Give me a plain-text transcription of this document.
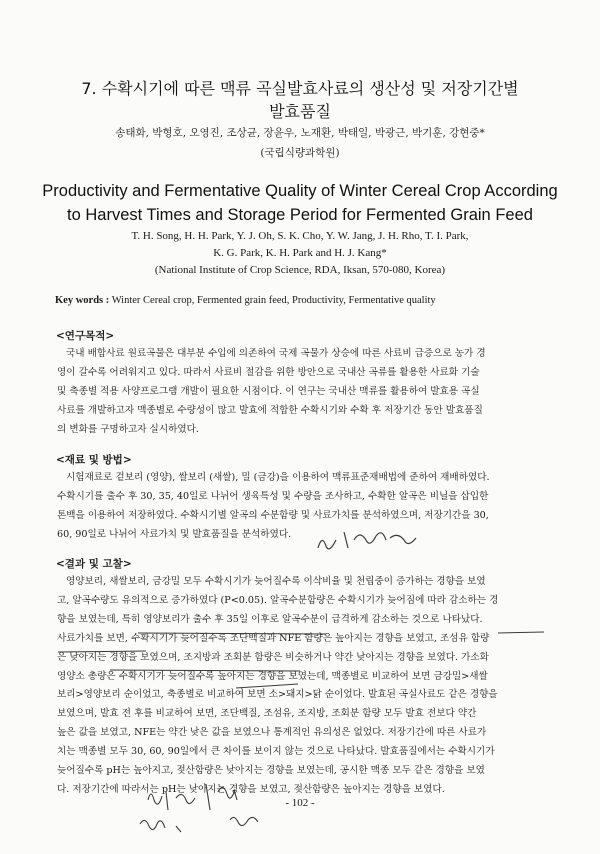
7. 수확시기에 따른 맥류 곡실발효사료의 생산성 및 저장기간별
발효품질
송태화, 박형호, 오영진, 조상균, 장윤우, 노재환, 박태일, 박광근, 박기훈, 강현중*
(국립식량과학원)
Productivity and Fermentative Quality of Winter Cereal Crop According
to Harvest Times and Storage Period for Fermented Grain Feed
T. H. Song, H. H. Park, Y. J. Oh, S. K. Cho, Y. W. Jang, J. H. Rho, T. I. Park,
K. G. Park, K. H. Park and H. J. Kang*
(National Institute of Crop Science, RDA, Iksan, 570-080, Korea)
Key words : Winter Cereal crop, Fermented grain feed, Productivity, Fermentative quality
<연구목적>
국내 배합사료 원료곡물은 대부분 수입에 의존하여 국제 곡물가 상승에 따른 사료비 급증으로 농가 경
영이 갈수록 어려워지고 있다. 따라서 사료비 절감을 위한 방안으로 국내산 곡류를 활용한 사료화 기술
및 축종별 적용 사양프로그램 개발이 필요한 시점이다. 이 연구는 국내산 맥류를 활용하여 발효용 곡실
사료를 개발하고자 맥종별로 수량성이 많고 발효에 적합한 수확시기와 수확 후 저장기간 동안 발효품질
의 변화를 구명하고자 실시하였다.
<재료 및 방법>
시험재료로 겉보리 (영양), 쌀보리 (새쌀), 밀 (금강)을 이용하여 맥류표준재배법에 준하여 재배하였다.
수확시기를 출수 후 30, 35, 40일로 나뉘어 생육특성 및 수량을 조사하고, 수확한 알곡은 비닐을 삽입한
톤백을 이용하여 저장하였다. 수확시기별 알곡의 수분함량 및 사료가치를 분석하였으며, 저장기간을 30,
60, 90일로 나뉘어 사료가치 및 발효품질을 분석하였다.
<결과 및 고찰>
영양보리, 새쌀보리, 금강밀 모두 수확시기가 늦어질수록 이삭비율 및 천립중이 증가하는 경향을 보였
고, 알곡수량도 유의적으로 증가하였다 (P<0.05). 알곡수분함량은 수확시기가 늦어짐에 따라 감소하는 경
향을 보였는데, 특히 영양보리가 출수 후 35일 이후로 알곡수분이 급격하게 감소하는 것으로 나타났다.
사료가치를 보면, 수확시기가 늦어질수록 조단백질과 NFE 함량은 높아지는 경향을 보였고, 조섬유 함량
은 낮아지는 경향을 보였으며, 조지방과 조회분 함량은 비슷하거나 약간 낮아지는 경향을 보였다. 가소화
영양소 총량은 수확시기가 늦어질수록 높아지는 경향을 보였는데, 맥종별로 비교하여 보면 금강밀>새쌀
보리>영양보리 순이었고, 축종별로 비교하여 보면 소>돼지>닭 순이었다. 발효된 곡실사료도 같은 경향을
보였으며, 발효 전 후를 비교하여 보면, 조단백질, 조섬유, 조지방, 조회분 함량 모두 발효 전보다 약간
높은 값을 보였고, NFE는 약간 낮은 값을 보였으나 통계적인 유의성은 없었다. 저장기간에 따른 사료가
치는 맥종별 모두 30, 60, 90일에서 큰 차이를 보이지 않는 것으로 나타났다. 발효품질에서는 수확시기가
늦어질수록 pH는 높아지고, 젖산함량은 낮아지는 경향을 보였는데, 공시한 맥종 모두 같은 경향을 보였
다. 저장기간에 따라서는 pH는 낮아지는 경향을 보였고, 젖산함량은 높아지는 경향을 보였다.
- 102 -
